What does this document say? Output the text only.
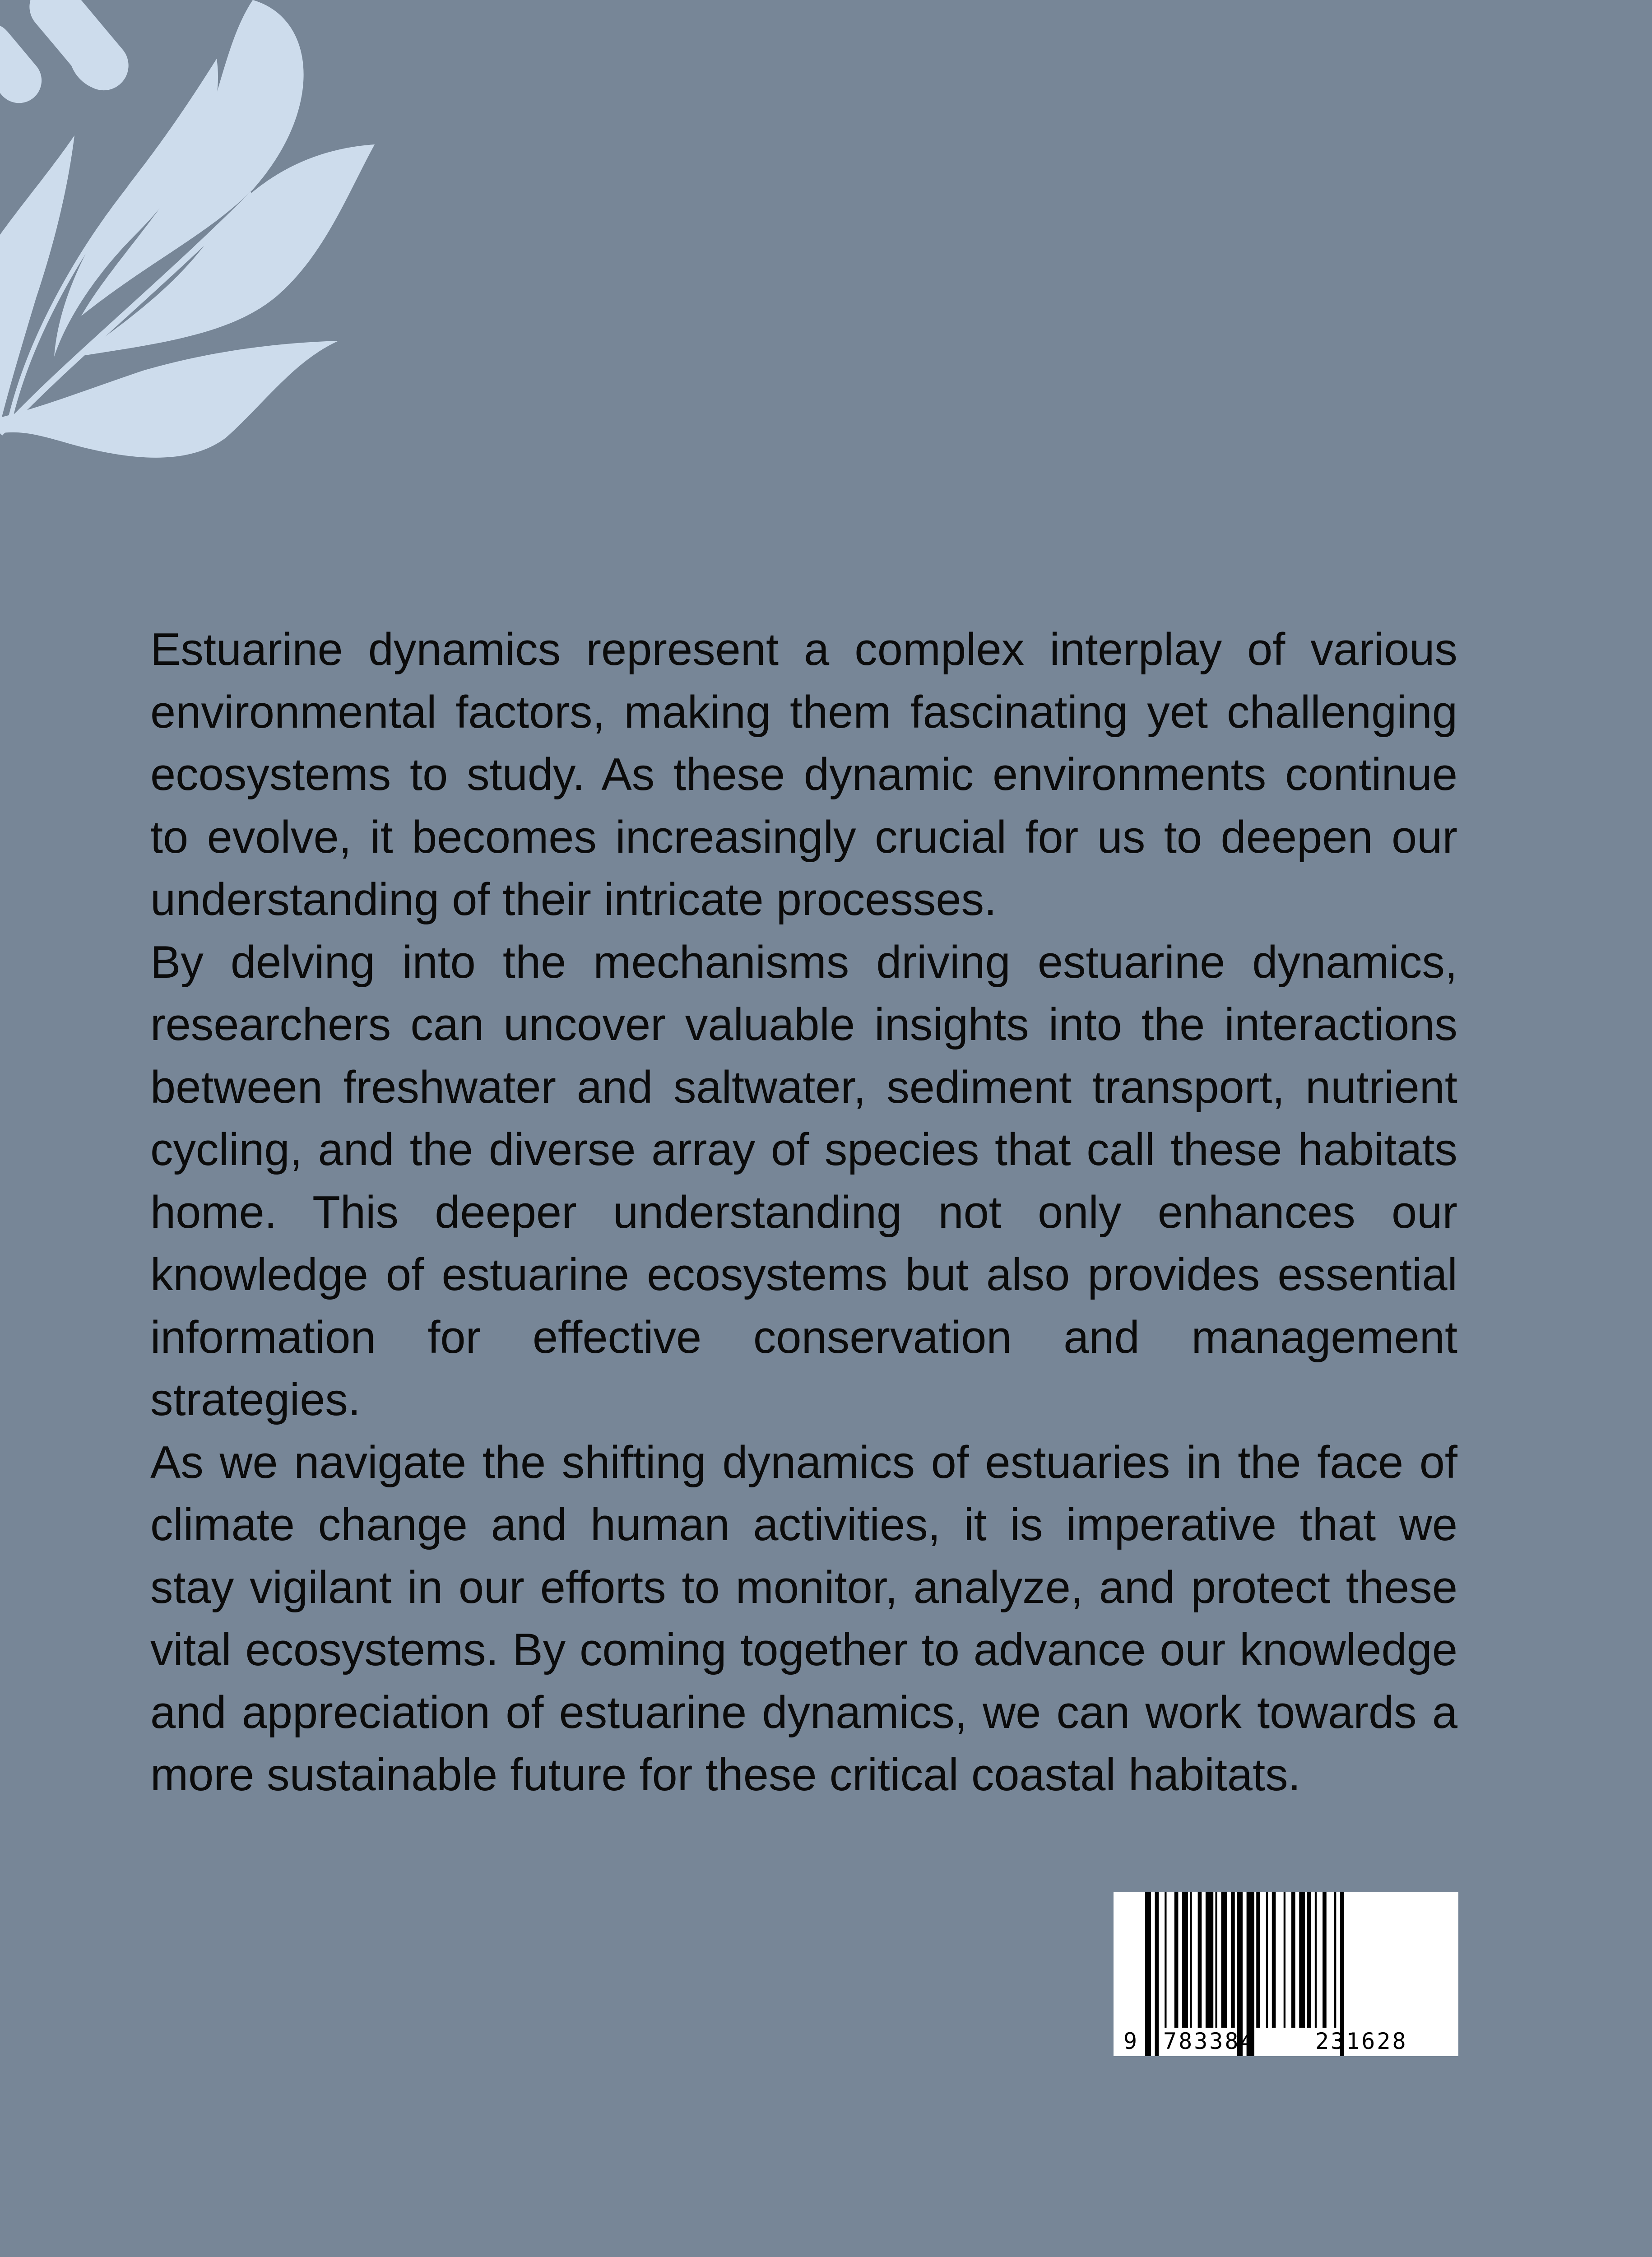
Estuarine dynamics represent a complex interplay of various environmental factors, making them fascinating yet challenging ecosystems to study. As these dynamic environments continue to evolve, it becomes increasingly crucial for us to deepen our understanding of their intricate processes.

By delving into the mechanisms driving estuarine dynamics, researchers can uncover valuable insights into the interactions between freshwater and saltwater, sediment transport, nutrient cycling, and the diverse array of species that call these habitats home. This deeper understanding not only enhances our knowledge of estuarine ecosystems but also provides essential information for effective conservation and management strategies.

As we navigate the shifting dynamics of estuaries in the face of climate change and human activities, it is imperative that we stay vigilant in our efforts to monitor, analyze, and protect these vital ecosystems. By coming together to advance our knowledge and appreciation of estuarine dynamics, we can work towards a more sustainable future for these critical coastal habitats.

9 783384	231628
